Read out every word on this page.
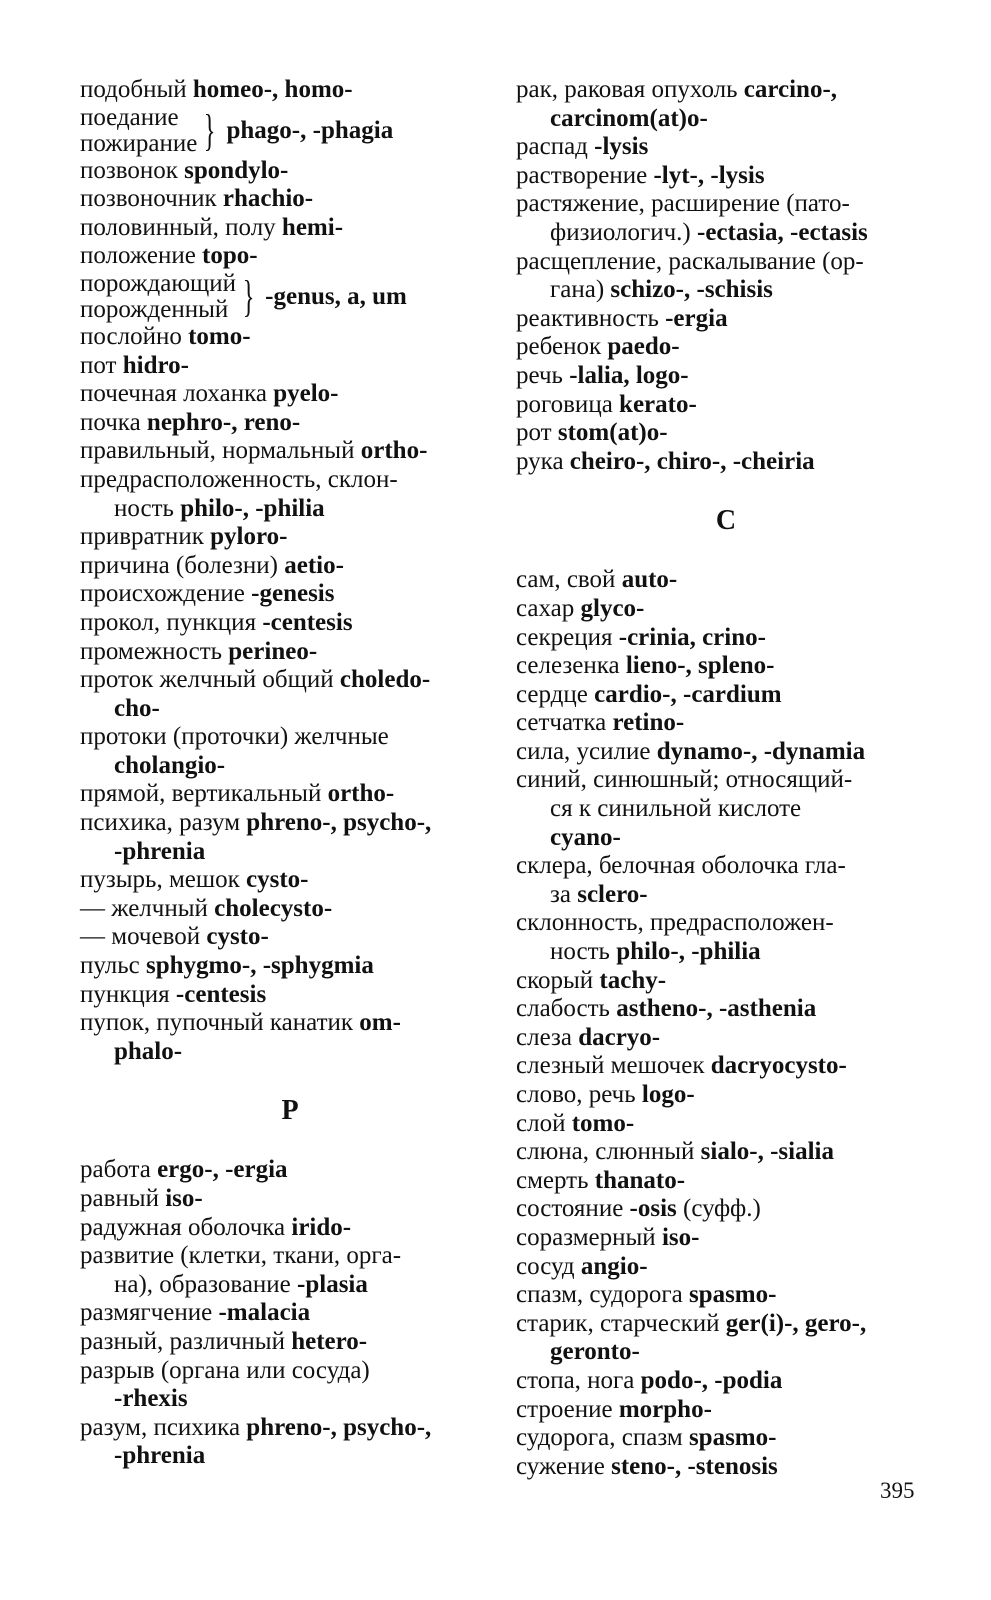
подобный homeo-, homo-
поедание
пожирание } phago-, -phagia
позвонок spondylo-
позвоночник rhachio-
половинный, полу hemi-
положение topo-
порождающий
порожденный } -genus, a, um
послойно tomo-
пот hidro-
почечная лоханка pyelo-
почка nephro-, reno-
правильный, нормальный ortho-
предрасположенность, склон-
ность philo-, -philia
привратник pyloro-
причина (болезни) aetio-
происхождение -genesis
прокол, пункция -centesis
промежность perineo-
проток желчный общий choledo-
cho-
протоки (проточки) желчные
cholangio-
прямой, вертикальный ortho-
психика, разум phreno-, psycho-,
-phrenia
пузырь, мешок cysto-
— желчный cholecysto-
— мочевой cysto-
пульс sphygmo-, -sphygmia
пункция -centesis
пупок, пупочный канатик om-
phalo-
Р
работа ergo-, -ergia
равный iso-
радужная оболочка irido-
развитие (клетки, ткани, орга-
на), образование -plasia
размягчение -malacia
разный, различный hetero-
разрыв (органа или сосуда)
-rhexis
разум, психика phreno-, psycho-,
-phrenia
рак, раковая опухоль carcino-,
carcinom(at)o-
распад -lysis
растворение -lyt-, -lysis
растяжение, расширение (пато-
физиологич.) -ectasia, -ectasis
расщепление, раскалывание (ор-
гана) schizo-, -schisis
реактивность -ergia
ребенок paedo-
речь -lalia, logo-
роговица kerato-
рот stom(at)o-
рука cheiro-, chiro-, -cheiria
С
сам, свой auto-
сахар glyco-
секреция -crinia, crino-
селезенка lieno-, spleno-
сердце cardio-, -cardium
сетчатка retino-
сила, усилие dynamo-, -dynamia
синий, синюшный; относящий-
ся к синильной кислоте
cyano-
склера, белочная оболочка гла-
за sclero-
склонность, предрасположен-
ность philo-, -philia
скорый tachy-
слабость astheno-, -asthenia
слеза dacryo-
слезный мешочек dacryocysto-
слово, речь logo-
слой tomo-
слюна, слюнный sialo-, -sialia
смерть thanato-
состояние -osis (суфф.)
соразмерный iso-
сосуд angio-
спазм, судорога spasmo-
старик, старческий ger(i)-, gero-,
geronto-
стопа, нога podo-, -podia
строение morpho-
судорога, спазм spasmo-
сужение steno-, -stenosis
395
